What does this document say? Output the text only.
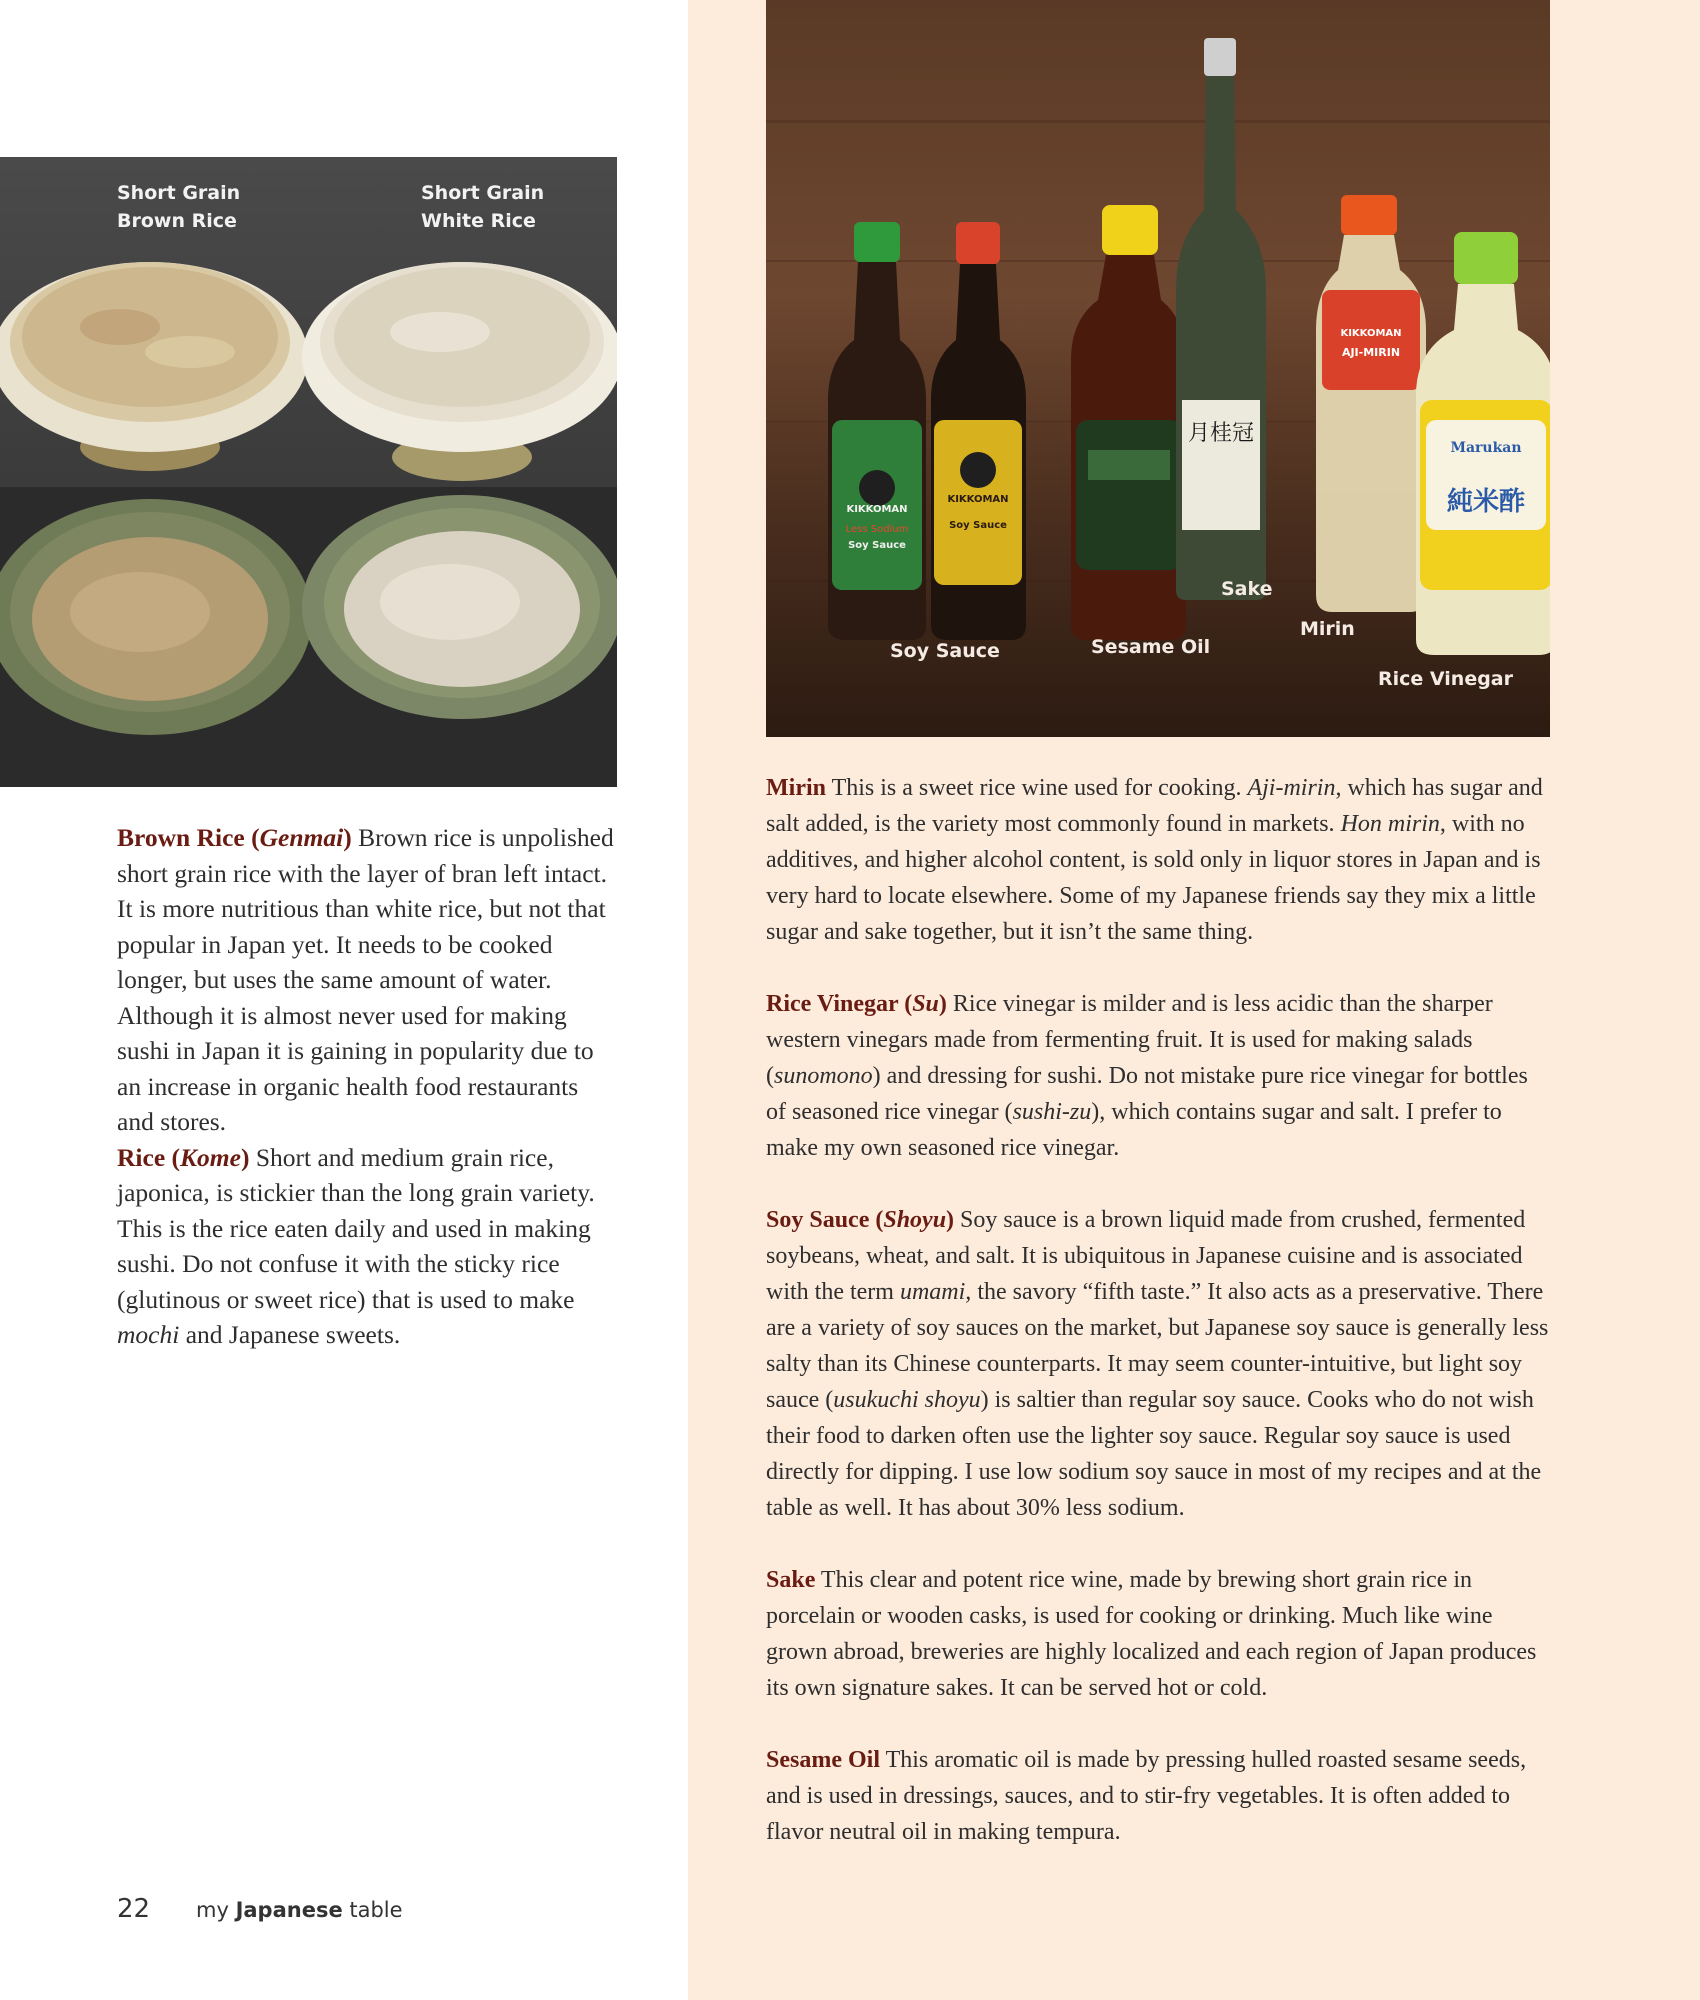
Short Grain
Brown Rice
Short Grain
White Rice
KIKKOMAN
Less Sodium
Soy Sauce
KIKKOMAN
Soy Sauce
月桂冠
KIKKOMAN
AJI-MIRIN
Marukan
純米酢
Soy Sauce	Sesame Oil
Sake
Mirin
Rice Vinegar

Brown Rice (Genmai) Brown rice is unpolished short grain rice with the layer of bran left intact. It is more nutritious than white rice, but not that popular in Japan yet. It needs to be cooked longer, but uses the same amount of water. Although it is almost never used for making sushi in Japan it is gaining in popularity due to an increase in organic health food restaurants and stores.

Rice (Kome) Short and medium grain rice, japonica, is stickier than the long grain variety. This is the rice eaten daily and used in making sushi. Do not confuse it with the sticky rice (glutinous or sweet rice) that is used to make mochi and Japanese sweets.

Mirin This is a sweet rice wine used for cooking. Aji-mirin, which has sugar and salt added, is the variety most commonly found in markets. Hon mirin, with no additives, and higher alcohol content, is sold only in liquor stores in Japan and is very hard to locate elsewhere. Some of my Japanese friends say they mix a little sugar and sake together, but it isn’t the same thing.

Rice Vinegar (Su) Rice vinegar is milder and is less acidic than the sharper western vinegars made from fermenting fruit. It is used for making salads (sunomono) and dressing for sushi. Do not mistake pure rice vinegar for bottles of seasoned rice vinegar (sushi-zu), which contains sugar and salt. I prefer to make my own seasoned rice vinegar.

Soy Sauce (Shoyu) Soy sauce is a brown liquid made from crushed, fermented soybeans, wheat, and salt. It is ubiquitous in Japanese cuisine and is associated with the term umami, the savory “fifth taste.” It also acts as a preservative. There are a variety of soy sauces on the market, but Japanese soy sauce is generally less salty than its Chinese counterparts. It may seem counter-intuitive, but light soy sauce (usukuchi shoyu) is saltier than regular soy sauce. Cooks who do not wish their food to darken often use the lighter soy sauce. Regular soy sauce is used directly for dipping. I use low sodium soy sauce in most of my recipes and at the table as well. It has about 30% less sodium.

Sake This clear and potent rice wine, made by brewing short grain rice in porcelain or wooden casks, is used for cooking or drinking. Much like wine grown abroad, breweries are highly localized and each region of Japan produces its own signature sakes. It can be served hot or cold.

Sesame Oil This aromatic oil is made by pressing hulled roasted sesame seeds, and is used in dressings, sauces, and to stir-fry vegetables. It is often added to flavor neutral oil in making tempura.

22 my Japanese table
